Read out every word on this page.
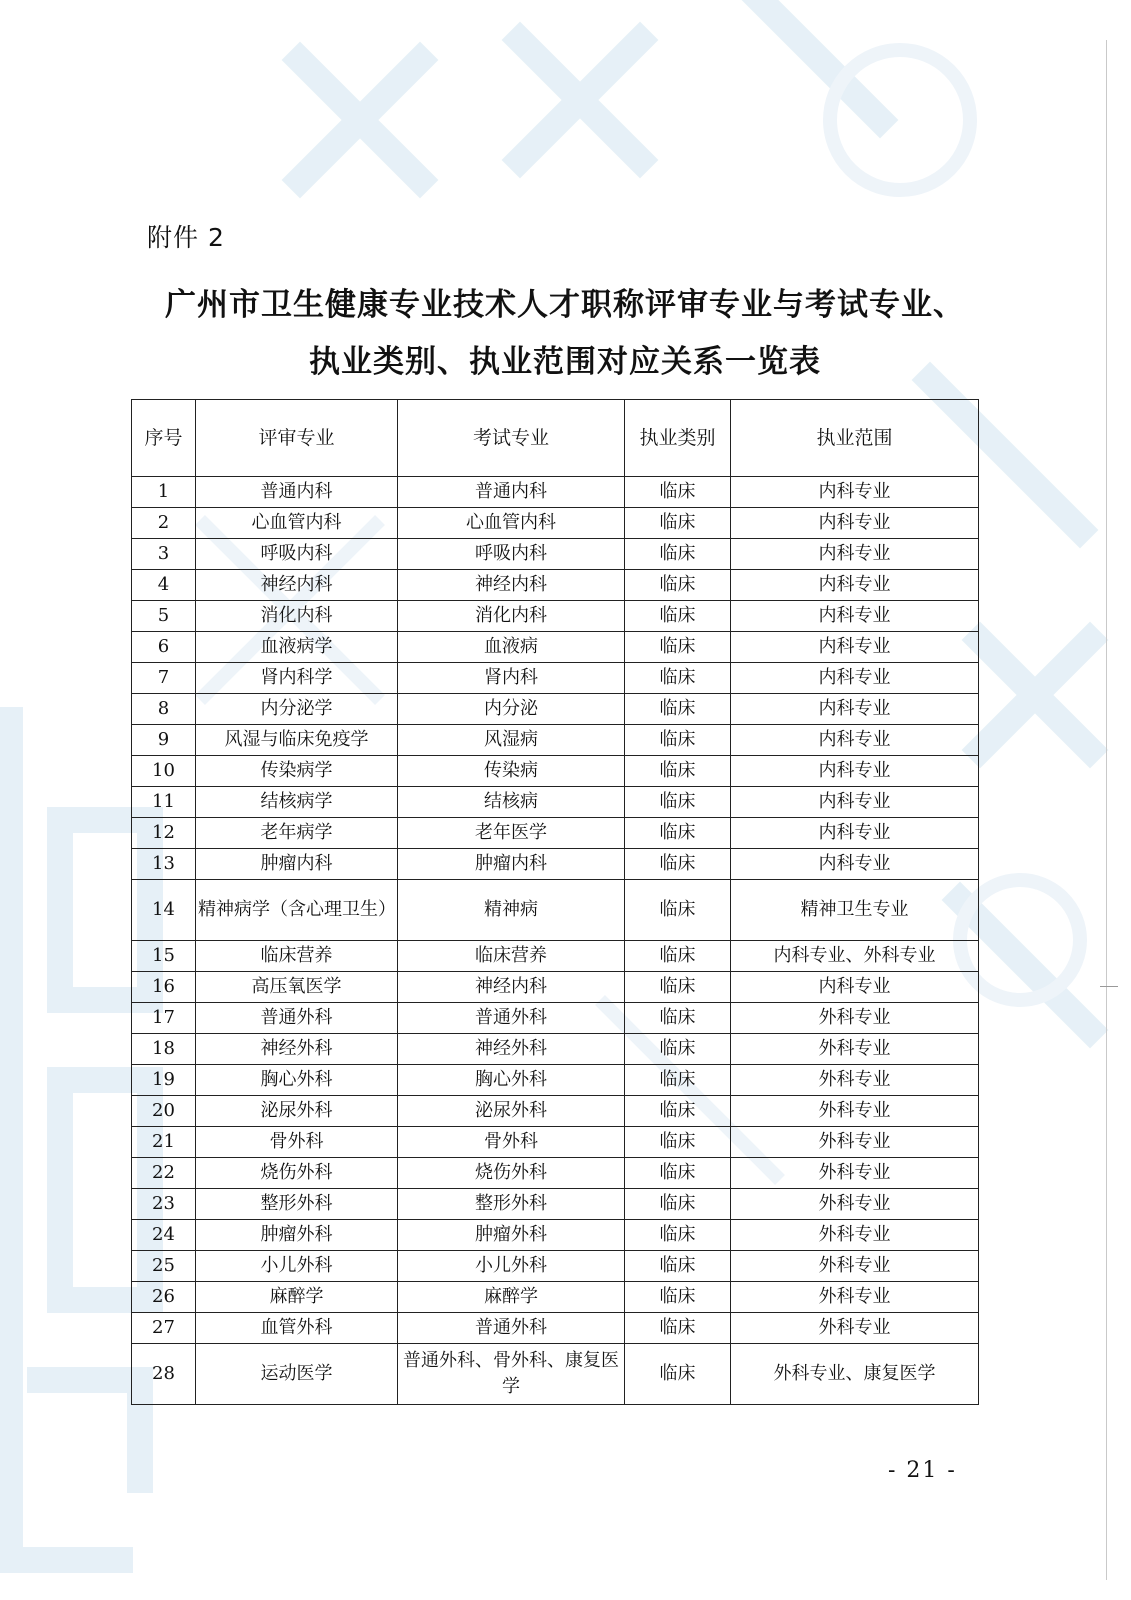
附件 2
广州市卫生健康专业技术人才职称评审专业与考试专业、
执业类别、执业范围对应关系一览表
序号	评审专业	考试专业	执业类别	执业范围
1	普通内科	普通内科	临床	内科专业
2	心血管内科	心血管内科	临床	内科专业
3	呼吸内科	呼吸内科	临床	内科专业
4	神经内科	神经内科	临床	内科专业
5	消化内科	消化内科	临床	内科专业
6	血液病学	血液病	临床	内科专业
7	肾内科学	肾内科	临床	内科专业
8	内分泌学	内分泌	临床	内科专业
9	风湿与临床免疫学	风湿病	临床	内科专业
10	传染病学	传染病	临床	内科专业
11	结核病学	结核病	临床	内科专业
12	老年病学	老年医学	临床	内科专业
13	肿瘤内科	肿瘤内科	临床	内科专业
14	精神病学（含心理卫生）	精神病	临床	精神卫生专业
15	临床营养	临床营养	临床	内科专业、外科专业
16	高压氧医学	神经内科	临床	内科专业
17	普通外科	普通外科	临床	外科专业
18	神经外科	神经外科	临床	外科专业
19	胸心外科	胸心外科	临床	外科专业
20	泌尿外科	泌尿外科	临床	外科专业
21	骨外科	骨外科	临床	外科专业
22	烧伤外科	烧伤外科	临床	外科专业
23	整形外科	整形外科	临床	外科专业
24	肿瘤外科	肿瘤外科	临床	外科专业
25	小儿外科	小儿外科	临床	外科专业
26	麻醉学	麻醉学	临床	外科专业
27	血管外科	普通外科	临床	外科专业
28	运动医学	普通外科、骨外科、康复医学	临床	外科专业、康复医学
- 21 -
